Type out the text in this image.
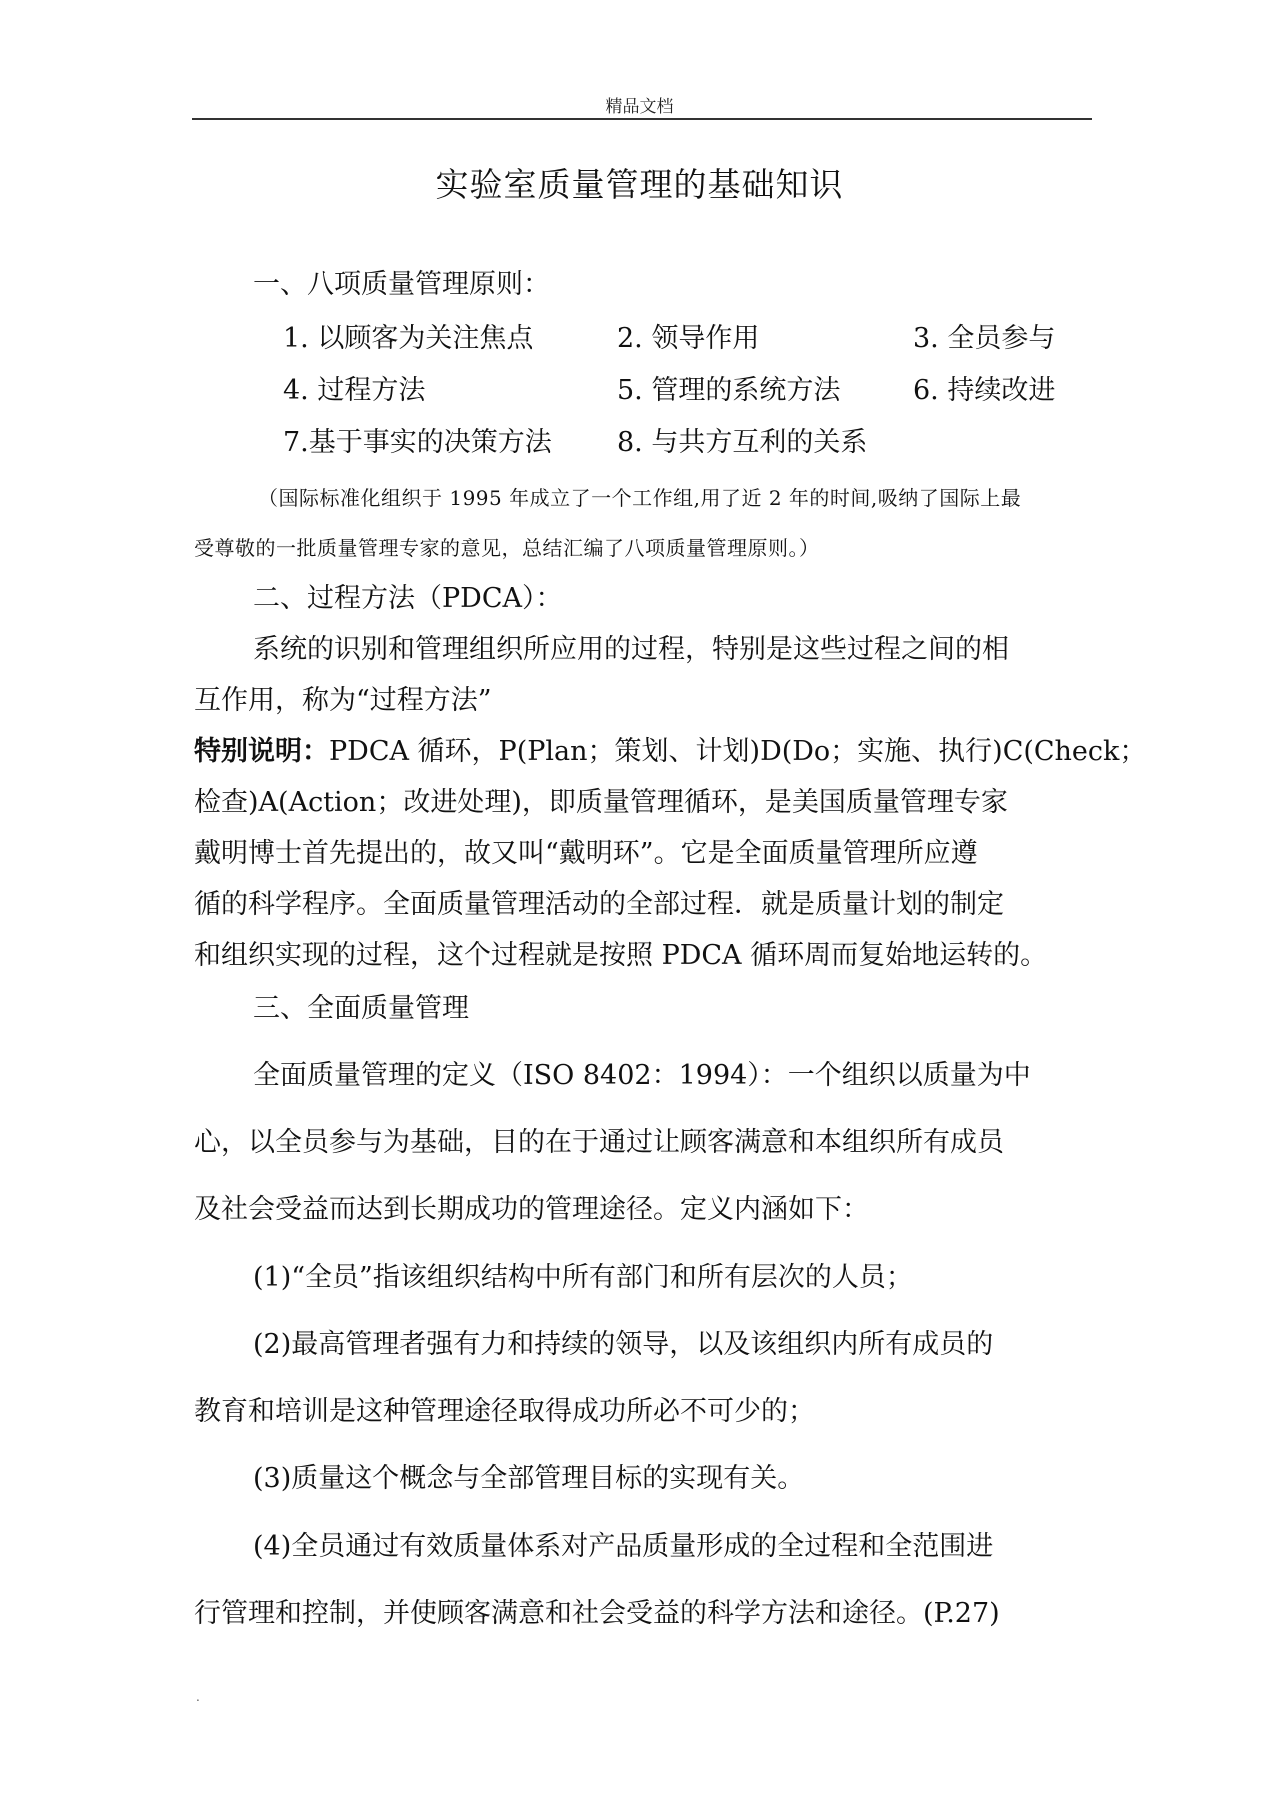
精品文档
实验室质量管理的基础知识
一、八项质量管理原则：
1. 以顾客为关注焦点	2. 领导作用	3. 全员参与
4. 过程方法	5. 管理的系统方法	6. 持续改进
7.基于事实的决策方法 8. 与共方互利的关系
（国际标准化组织于 1995 年成立了一个工作组,用了近 2 年的时间,吸纳了国际上最
受尊敬的一批质量管理专家的意见，总结汇编了八项质量管理原则。）
二、过程方法（PDCA）：
系统的识别和管理组织所应用的过程，特别是这些过程之间的相
互作用，称为“过程方法”
特别说明：PDCA 循环，P(Plan；策划、计划)D(Do；实施、执行)C(Check；
检查)A(Action；改进处理)，即质量管理循环，是美国质量管理专家
戴明博士首先提出的，故又叫“戴明环”。它是全面质量管理所应遵
循的科学程序。全面质量管理活动的全部过程．就是质量计划的制定
和组织实现的过程，这个过程就是按照 PDCA 循环周而复始地运转的。
三、全面质量管理
全面质量管理的定义（ISO 8402：1994）：一个组织以质量为中
心，以全员参与为基础，目的在于通过让顾客满意和本组织所有成员
及社会受益而达到长期成功的管理途径。定义内涵如下：
(1)“全员”指该组织结构中所有部门和所有层次的人员；
(2)最高管理者强有力和持续的领导，以及该组织内所有成员的
教育和培训是这种管理途径取得成功所必不可少的；
(3)质量这个概念与全部管理目标的实现有关。
(4)全员通过有效质量体系对产品质量形成的全过程和全范围进
行管理和控制，并使顾客满意和社会受益的科学方法和途径。(P.27)
.
